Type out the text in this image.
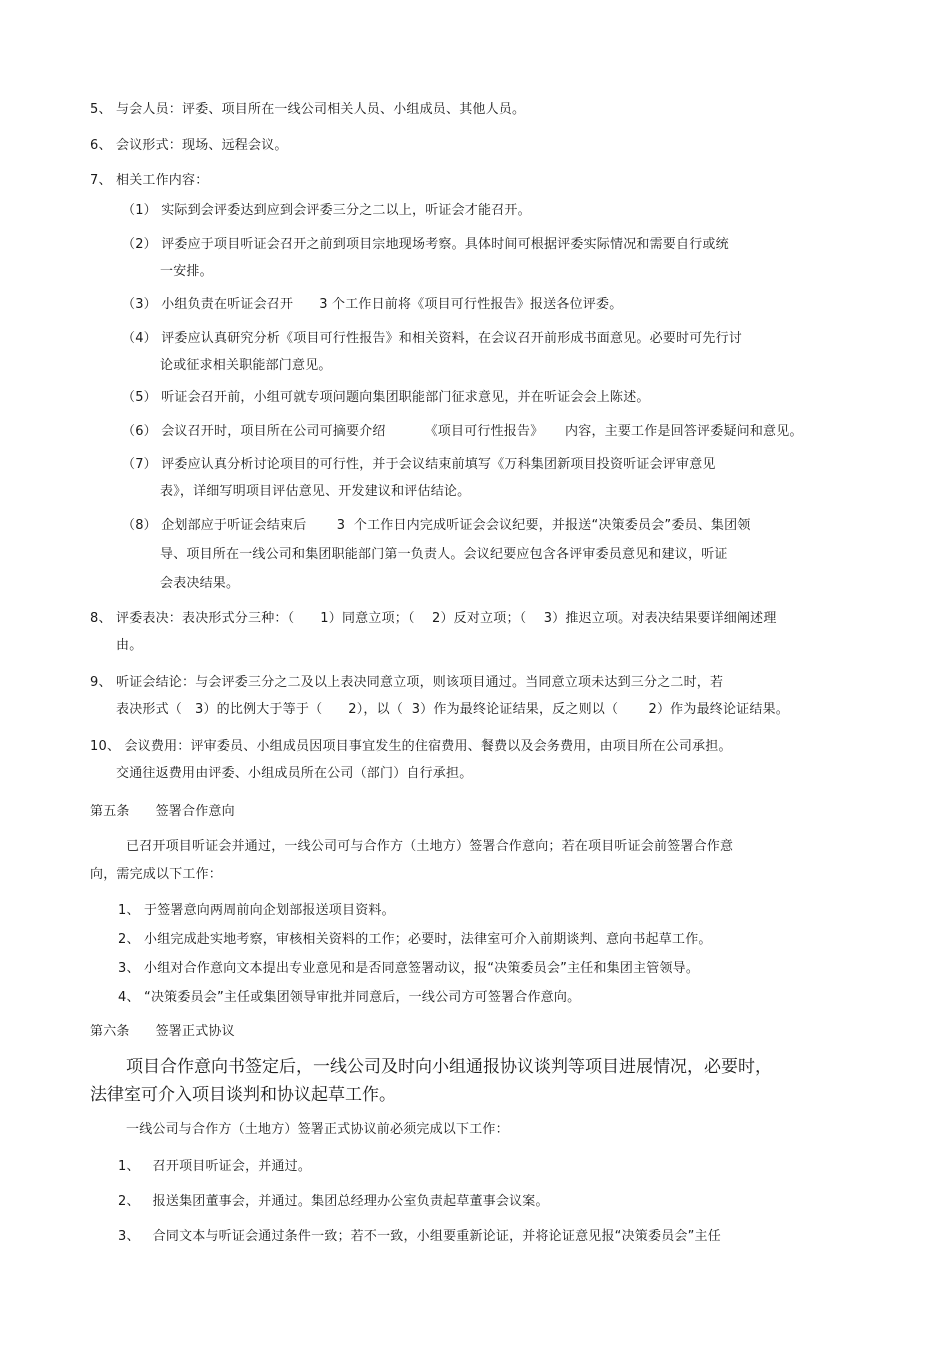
5、 与会人员：评委、项目所在一线公司相关人员、小组成员、其他人员。
6、 会议形式：现场、远程会议。
7、 相关工作内容：
（1） 实际到会评委达到应到会评委三分之二以上，听证会才能召开。
（2） 评委应于项目听证会召开之前到项目宗地现场考察。具体时间可根据评委实际情况和需要自行或统
一安排。
（3） 小组负责在听证会召开      3 个工作日前将《项目可行性报告》报送各位评委。
（4） 评委应认真研究分析《项目可行性报告》和相关资料，在会议召开前形成书面意见。必要时可先行讨
论或征求相关职能部门意见。
（5） 听证会召开前，小组可就专项问题向集团职能部门征求意见，并在听证会会上陈述。
（6） 会议召开时，项目所在公司可摘要介绍         《项目可行性报告》     内容，主要工作是回答评委疑问和意见。
（7） 评委应认真分析讨论项目的可行性，并于会议结束前填写《万科集团新项目投资听证会评审意见
表》，详细写明项目评估意见、开发建议和评估结论。
（8） 企划部应于听证会结束后       3  个工作日内完成听证会会议纪要，并报送“决策委员会”委员、集团领
导、项目所在一线公司和集团职能部门第一负责人。会议纪要应包含各评审委员意见和建议，听证
会表决结果。
8、 评委表决：表决形式分三种：（      1）同意立项；（    2）反对立项；（    3）推迟立项。对表决结果要详细阐述理
由。
9、 听证会结论：与会评委三分之二及以上表决同意立项，则该项目通过。当同意立项未达到三分之二时，若
表决形式（   3）的比例大于等于（      2），以（  3）作为最终论证结果，反之则以（       2）作为最终论证结果。
10、 会议费用：评审委员、小组成员因项目事宜发生的住宿费用、餐费以及会务费用，由项目所在公司承担。
交通往返费用由评委、小组成员所在公司（部门）自行承担。
第五条      签署合作意向
已召开项目听证会并通过，一线公司可与合作方（土地方）签署合作意向；若在项目听证会前签署合作意
向，需完成以下工作：
1、 于签署意向两周前向企划部报送项目资料。
2、 小组完成赴实地考察，审核相关资料的工作；必要时，法律室可介入前期谈判、意向书起草工作。
3、 小组对合作意向文本提出专业意见和是否同意签署动议，报“决策委员会”主任和集团主管领导。
4、 “决策委员会”主任或集团领导审批并同意后，一线公司方可签署合作意向。
第六条      签署正式协议
项目合作意向书签定后，一线公司及时向小组通报协议谈判等项目进展情况，必要时，
法律室可介入项目谈判和协议起草工作。
一线公司与合作方（土地方）签署正式协议前必须完成以下工作：
1、   召开项目听证会，并通过。
2、   报送集团董事会，并通过。集团总经理办公室负责起草董事会议案。
3、   合同文本与听证会通过条件一致；若不一致，小组要重新论证，并将论证意见报“决策委员会”主任
